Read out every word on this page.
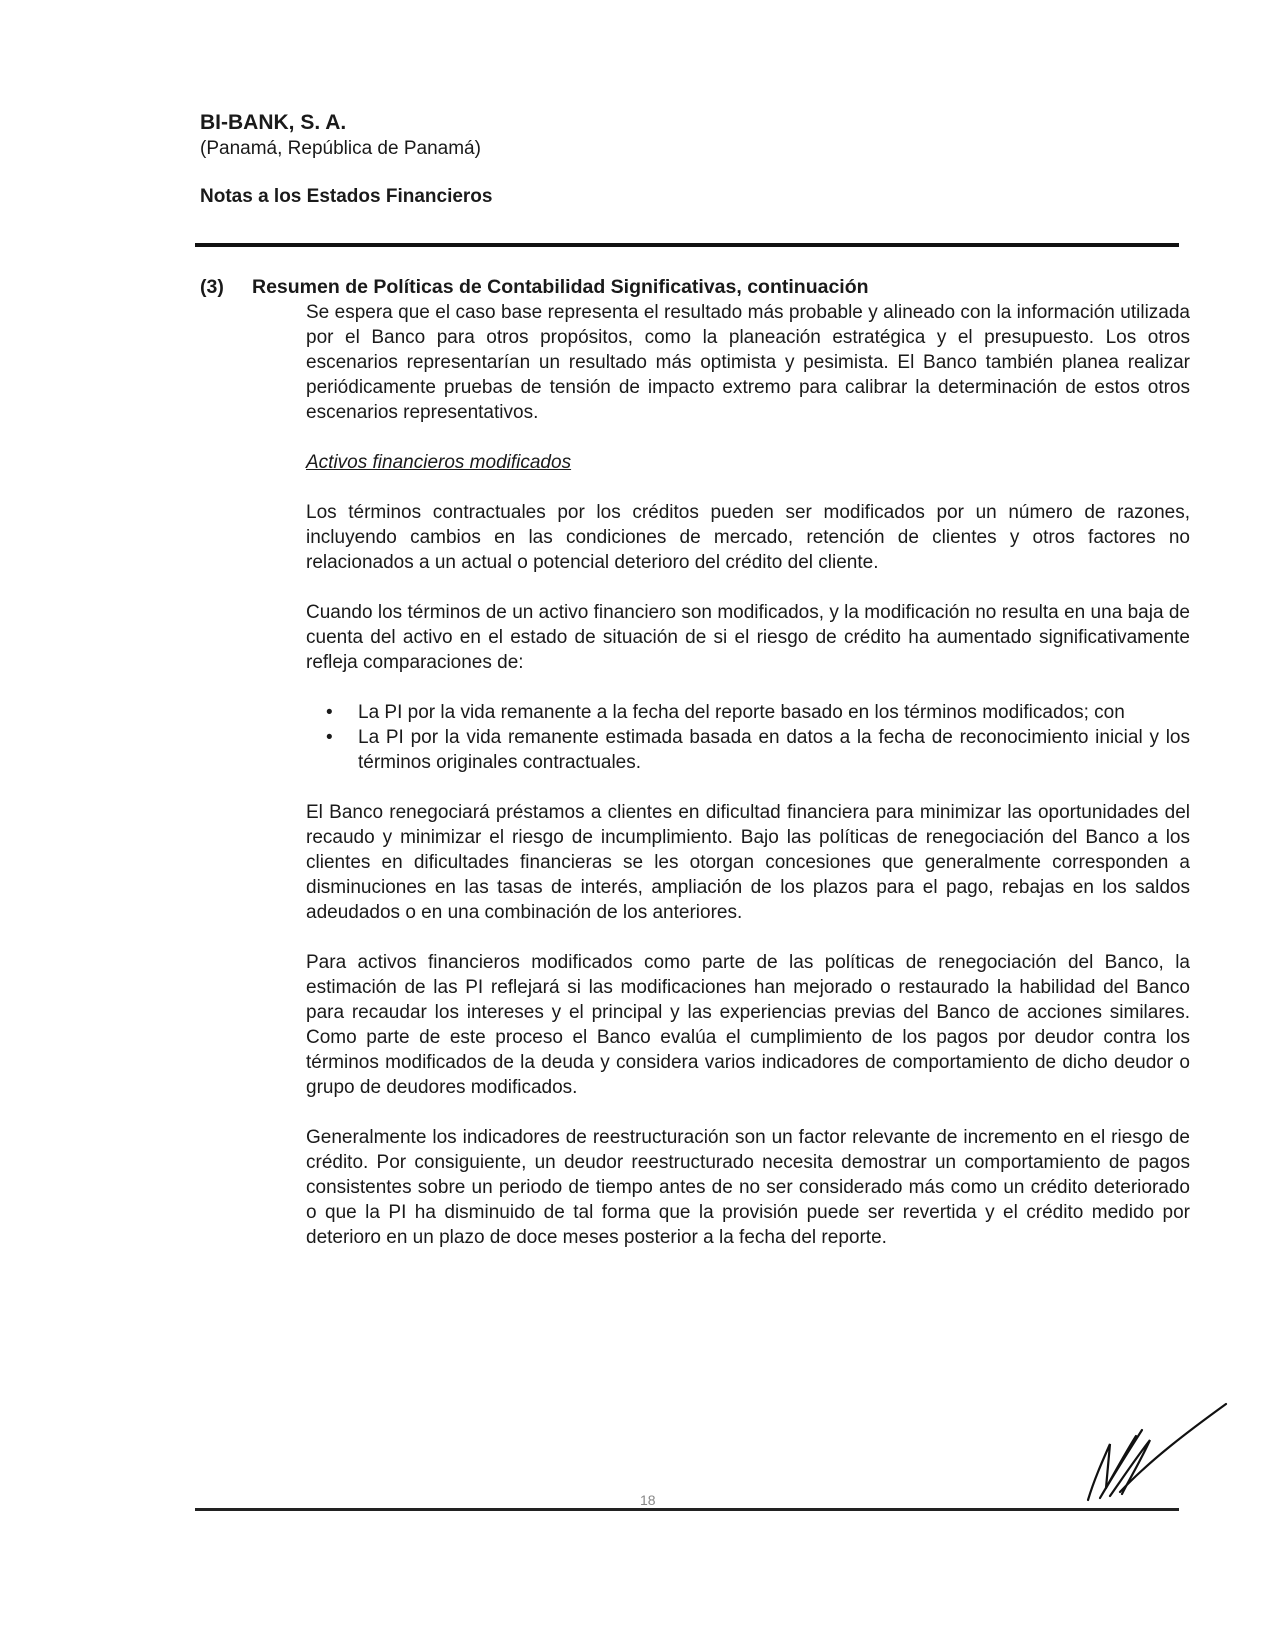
BI-BANK, S. A.

(Panamá, República de Panamá)

Notas a los Estados Financieros

(3)	Resumen de Políticas de Contabilidad Significativas, continuación

Se espera que el caso base representa el resultado más probable y alineado con la información utilizada por el Banco para otros propósitos, como la planeación estratégica y el presupuesto. Los otros escenarios representarían un resultado más optimista y pesimista. El Banco también planea realizar periódicamente pruebas de tensión de impacto extremo para calibrar la determinación de estos otros escenarios representativos.

Activos financieros modificados

Los términos contractuales por los créditos pueden ser modificados por un número de razones, incluyendo cambios en las condiciones de mercado, retención de clientes y otros factores no relacionados a un actual o potencial deterioro del crédito del cliente.

Cuando los términos de un activo financiero son modificados, y la modificación no resulta en una baja de cuenta del activo en el estado de situación de si el riesgo de crédito ha aumentado significativamente refleja comparaciones de:

• La PI por la vida remanente a la fecha del reporte basado en los términos modificados; con
• La PI por la vida remanente estimada basada en datos a la fecha de reconocimiento inicial y los términos originales contractuales.

El Banco renegociará préstamos a clientes en dificultad financiera para minimizar las oportunidades del recaudo y minimizar el riesgo de incumplimiento. Bajo las políticas de renegociación del Banco a los clientes en dificultades financieras se les otorgan concesiones que generalmente corresponden a disminuciones en las tasas de interés, ampliación de los plazos para el pago, rebajas en los saldos adeudados o en una combinación de los anteriores.

Para activos financieros modificados como parte de las políticas de renegociación del Banco, la estimación de las PI reflejará si las modificaciones han mejorado o restaurado la habilidad del Banco para recaudar los intereses y el principal y las experiencias previas del Banco de acciones similares. Como parte de este proceso el Banco evalúa el cumplimiento de los pagos por deudor contra los términos modificados de la deuda y considera varios indicadores de comportamiento de dicho deudor o grupo de deudores modificados.

Generalmente los indicadores de reestructuración son un factor relevante de incremento en el riesgo de crédito. Por consiguiente, un deudor reestructurado necesita demostrar un comportamiento de pagos consistentes sobre un periodo de tiempo antes de no ser considerado más como un crédito deteriorado o que la PI ha disminuido de tal forma que la provisión puede ser revertida y el crédito medido por deterioro en un plazo de doce meses posterior a la fecha del reporte.

18
